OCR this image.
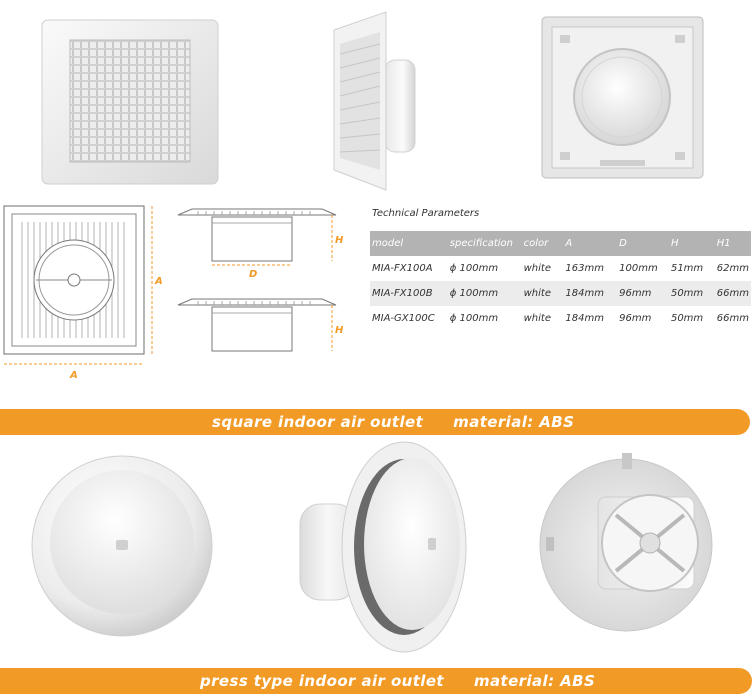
A
A
D
H
H
Technical Parameters
model	specification	color	A	D	H	H1
MIA-FX100A	ϕ 100mm	white	163mm	100mm	51mm	62mm
MIA-FX100B	ϕ 100mm	white	184mm	96mm	50mm	66mm
MIA-GX100C	ϕ 100mm	white	184mm	96mm	50mm	66mm
square indoor air outlet material: ABS
press type indoor air outlet material: ABS
